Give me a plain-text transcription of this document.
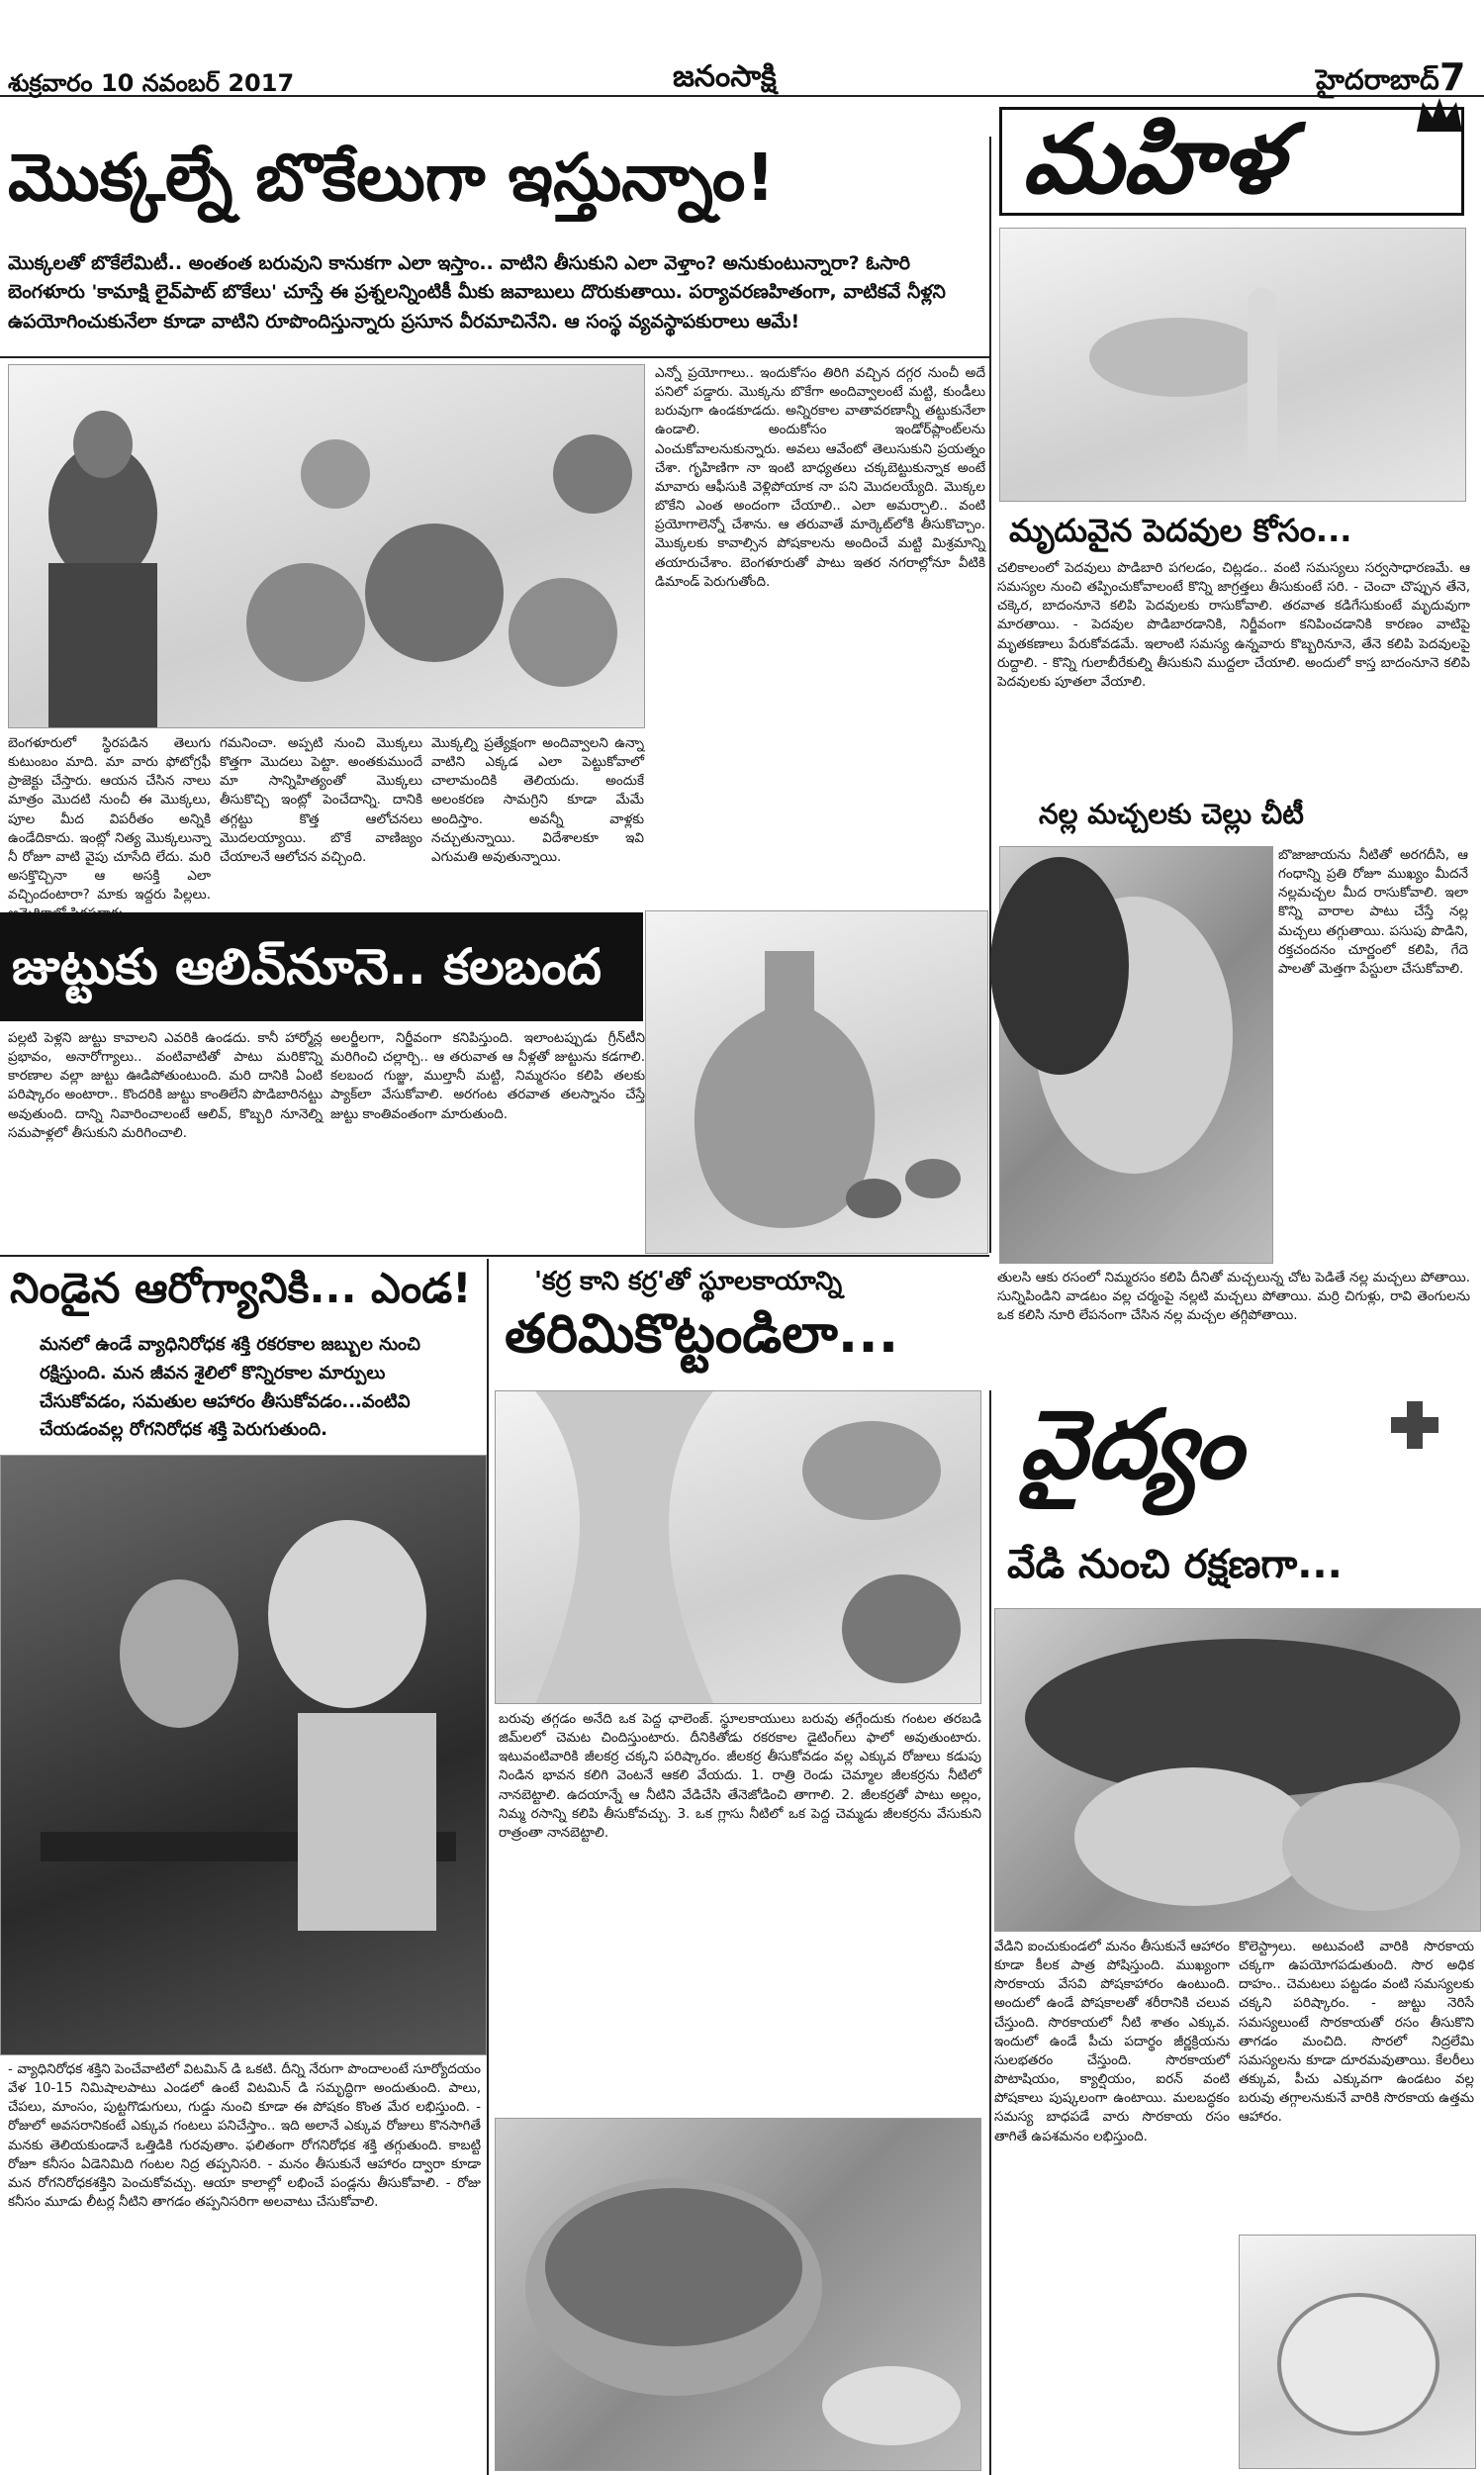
శుక్రవారం 10 నవంబర్ 2017	జనంసాక్షి	హైదరాబాద్ 7
మొక్కల్నే బొకేలుగా ఇస్తున్నాం!
మొక్కలతో బొకేలేమిటీ.. అంతంత బరువుని కానుకగా ఎలా ఇస్తాం.. వాటిని తీసుకుని ఎలా వెళ్తాం? అనుకుంటున్నారా? ఓసారి బెంగళూరు 'కామాక్షి లైవ్‌పాట్ బొకేలు' చూస్తే ఈ ప్రశ్నలన్నింటికీ మీకు జవాబులు దొరుకుతాయి. పర్యావరణహితంగా, వాటికవే నీళ్లని ఉపయోగించుకునేలా కూడా వాటిని రూపొందిస్తున్నారు ప్రసూన వీరమాచినేని. ఆ సంస్థ వ్యవస్థాపకురాలు ఆమే!
ఎన్నో ప్రయోగాలు.. ఇందుకోసం తిరిగి వచ్చిన దగ్గర నుంచీ అదే పనిలో పడ్డారు. మొక్కను బొకేగా అందివ్వాలంటే మట్టి, కుండీలు బరువుగా ఉండకూడదు. అన్నిరకాల వాతావరణాన్నీ తట్టుకునేలా ఉండాలి. అందుకోసం ఇండోర్‌ప్లాంట్‌లను ఎంచుకోవాలనుకున్నారు. అవలు ఆవేంటో తెలుసుకుని ప్రయత్నం చేశా. గృహిణిగా నా ఇంటి బాధ్యతలు చక్కబెట్టుకున్నాక అంటే మావారు ఆఫీసుకి వెళ్లిపోయాక నా పని మొదలయ్యేది. మొక్కల బొకేని ఎంత అందంగా చేయాలి.. ఎలా అమర్చాలి.. వంటి ప్రయోగాలెన్నో చేశాను. ఆ తరువాతే మార్కెట్‌లోకి తీసుకొచ్చాం. మొక్కలకు కావాల్సిన పోషకాలను అందించే మట్టి మిశ్రమాన్ని తయారుచేశాం. బెంగళూరుతో పాటు ఇతర నగరాల్లోనూ వీటికి డిమాండ్ పెరుగుతోంది.
బెంగళూరులో స్థిరపడిన తెలుగు కుటుంబం మాది. మా వారు ఫోటోగ్రఫీ ప్రాజెక్టు చేస్తారు. ఆయన చేసిన నాలు మాత్రం మొదటి నుంచీ ఈ మొక్కలు, పూల మీద విపరీతం అన్నికి ఉండేదికాదు. ఇంట్లో నిత్య మొక్కలున్నా నీ రోజూ వాటి వైపు చూసేది లేదు. మరి అసక్తొచ్చినా ఆ అసక్తి ఎలా వచ్చిందంటారా? మాకు ఇద్దరు పిల్లలు.
గమనించా. అప్పటి నుంచి మొక్కలు కొత్తగా మొదలు పెట్టా. అంతకుముందే మా సాన్నిహిత్యంతో మొక్కలు తీసుకొచ్చి ఇంట్లో పెంచేదాన్ని. దానికి తగ్గట్టు కొత్త ఆలోచనలు మొదలయ్యాయి. బొకే వాణిజ్యం చేయాలనే ఆలోచన వచ్చింది.
మొక్కల్ని ప్రత్యేక్షంగా అందివ్వాలని ఉన్నా వాటిని ఎక్కడ ఎలా పెట్టుకోవాలో చాలామందికి తెలియదు. అందుకే అలంకరణ సామగ్రిని కూడా మేమే అందిస్తాం. అవన్నీ వాళ్లకు నచ్చుతున్నాయి. విదేశాలకూ ఇవి ఎగుమతి అవుతున్నాయి.
మహిళ
మృదువైన పెదవుల కోసం...
చలికాలంలో పెదవులు పొడిబారి పగలడం, చిట్లడం.. వంటి సమస్యలు సర్వసాధారణమే. ఆ సమస్యల నుంచి తప్పించుకోవాలంటే కొన్ని జాగ్రత్తలు తీసుకుంటే సరి. - చెంచా చొప్పున తేనె, చక్కెర, బాదంనూనె కలిపి పెదవులకు రాసుకోవాలి. తరవాత కడిగేసుకుంటే మృదువుగా మారతాయి. - పెదవుల పొడిబారడానికి, నిర్జీవంగా కనిపించడానికి కారణం వాటిపై మృతకణాలు పేరుకోవడమే. ఇలాంటి సమస్య ఉన్నవారు కొబ్బరినూనె, తేనె కలిపి పెదవులపై రుద్దాలి. - కొన్ని గులాబీరేకుల్ని తీసుకుని ముద్దలా చేయాలి. అందులో కాస్త బాదంనూనె కలిపి పెదవులకు పూతలా వేయాలి.
నల్ల మచ్చలకు చెల్లు చీటీ
బొజాజాయను నీటితో అరగదీసి, ఆ గంధాన్ని ప్రతి రోజూ ముఖ్యం మీదనే నల్లమచ్చల మీద రాసుకోవాలి. ఇలా కొన్ని వారాల పాటు చేస్తే నల్ల మచ్చలు తగ్గుతాయి. పసుపు పొడిని, రక్తచందనం చూర్ణంలో కలిపి, గేదె పాలతో మెత్తగా పేస్టులా చేసుకోవాలి.
తులసి ఆకు రసంలో నిమ్మరసం కలిపి దీనితో మచ్చలున్న చోట పెడితే నల్ల మచ్చలు పోతాయి. సున్నిపిండిని వాడటం వల్ల చర్మంపై నల్లటి మచ్చలు పోతాయి. మర్రి చిగుళ్లు, రావి తెంగులను ఒక కలిసి నూరి లేపనంగా చేసిన నల్ల మచ్చల తగ్గిపోతాయి.
జుట్టుకు ఆలివ్‌నూనె.. కలబంద
పల్లటి పెళ్లని జుట్టు కావాలని ఎవరికి ఉండదు. కానీ హార్మోన్ల ప్రభావం, అనారోగ్యాలు.. వంటివాటితో పాటు మరికొన్ని కారణాల వల్లా జుట్టు ఊడిపోతుంటుంది. మరి దానికి ఏంటి పరిష్కారం అంటారా.. కొందరికి జుట్టు కాంతిలేని పొడిబారినట్టు అవుతుంది. దాన్ని నివారించాలంటే ఆలివ్, కొబ్బరి నూనెల్ని సమపాళ్లలో తీసుకుని మరిగించాలి.
అలర్జీలగా, నిర్జీవంగా కనిపిస్తుంది. ఇలాంటప్పుడు గ్రీన్‌టీని మరిగించి చల్లార్చి.. ఆ తరువాత ఆ నీళ్లతో జుట్టును కడగాలి. కలబంద గుజ్జు, ముల్తానీ మట్టి, నిమ్మరసం కలిపి తలకు ప్యాక్‌లా వేసుకోవాలి. అరగంట తరవాత తలస్నానం చేస్తే జుట్టు కాంతివంతంగా మారుతుంది.
నిండైన ఆరోగ్యానికి... ఎండ!
మనలో ఉండే వ్యాధినిరోధక శక్తి రకరకాల జబ్బుల నుంచి రక్షిస్తుంది. మన జీవన శైలిలో కొన్నిరకాల మార్పులు చేసుకోవడం, సమతుల ఆహారం తీసుకోవడం...వంటివి చేయడంవల్ల రోగనిరోధక శక్తి పెరుగుతుంది.
- వ్యాధినిరోధక శక్తిని పెంచేవాటిలో విటమిన్ డి ఒకటి. దీన్ని నేరుగా పొందాలంటే సూర్యోదయం వేళ 10-15 నిమిషాలపాటు ఎండలో ఉంటే విటమిన్ డి సమృద్ధిగా అందుతుంది. పాలు, చేపలు, మాంసం, పుట్టగొడుగులు, గుడ్డు నుంచి కూడా ఈ పోషకం కొంత మేర లభిస్తుంది. - రోజులో అవసరానికంటే ఎక్కువ గంటలు పనిచేస్తాం.. ఇది అలానే ఎక్కువ రోజులు కొనసాగితే మనకు తెలియకుండానే ఒత్తిడికి గురవుతాం. ఫలితంగా రోగనిరోధక శక్తి తగ్గుతుంది. కాబట్టి రోజూ కనీసం ఏడెనిమిది గంటల నిద్ర తప్పనిసరి. - మనం తీసుకునే ఆహారం ద్వారా కూడా మన రోగనిరోధకశక్తిని పెంచుకోవచ్చు. ఆయా కాలాల్లో లభించే పండ్లను తీసుకోవాలి. - రోజు కనీసం మూడు లీటర్ల నీటిని తాగడం తప్పనిసరిగా అలవాటు చేసుకోవాలి.
'కర్ర కాని కర్ర'తో స్థూలకాయాన్ని
తరిమికొట్టండిలా...
బరువు తగ్గడం అనేది ఒక పెద్ద ఛాలెంజ్. స్థూలకాయులు బరువు తగ్గేందుకు గంటల తరబడి జిమ్‌లలో చెమట చిందిస్తుంటారు. దీనికితోడు రకరకాల డైటింగ్‌లు ఫాలో అవుతుంటారు. ఇటువంటివారికి జీలకర్ర చక్కని పరిష్కారం. జీలకర్ర తీసుకోవడం వల్ల ఎక్కువ రోజులు కడుపు నిండిన భావన కలిగి వెంటనే ఆకలి వేయదు. 1. రాత్రి రెండు చెమ్మాల జీలకర్రను నీటిలో నానబెట్టాలి. ఉదయాన్నే ఆ నీటిని వేడిచేసి తేనెజోడించి తాగాలి. 2. జీలకర్రతో పాటు అల్లం, నిమ్మ రసాన్ని కలిపి తీసుకోవచ్చు. 3. ఒక గ్లాసు నీటిలో ఒక పెద్ద చెమ్మడు జీలకర్రను వేసుకుని రాత్రంతా నానబెట్టాలి.
వైద్యం
వేడి నుంచి రక్షణగా...
వేడిని ఐంచుకుండలో మనం తీసుకునే ఆహారం కూడా కీలక పాత్ర పోషిస్తుంది. ముఖ్యంగా సొరకాయ వేసవి పోషకాహారం ఉంటుంది. అందులో ఉండే పోషకాలతో శరీరానికి చలువ చేస్తుంది. సొరకాయలో నీటి శాతం ఎక్కువ. ఇందులో ఉండే పీచు పదార్థం జీర్ణక్రియను సులభతరం చేస్తుంది. సొరకాయలో పొటాషియం, క్యాల్షియం, ఐరన్ వంటి పోషకాలు పుష్కలంగా ఉంటాయి. మలబద్ధకం సమస్య బాధపడే వారు సొరకాయ రసం తాగితే ఉపశమనం లభిస్తుంది.
కొలెస్ట్రాలు. అటువంటి వారికి సొరకాయ చక్కగా ఉపయోగపడుతుంది. సొర అధిక దాహం.. చెమటలు పట్టడం వంటి సమస్యలకు చక్కని పరిష్కారం. - జుట్టు నెరిసే సమస్యలుంటే సొరకాయతో రసం తీసుకొని తాగడం మంచిది. సొరలో నిద్రలేమి సమస్యలను కూడా దూరమవుతాయి. కేలరీలు తక్కువ, పీచు ఎక్కువగా ఉండటం వల్ల బరువు తగ్గాలనుకునే వారికి సొరకాయ ఉత్తమ ఆహారం.
